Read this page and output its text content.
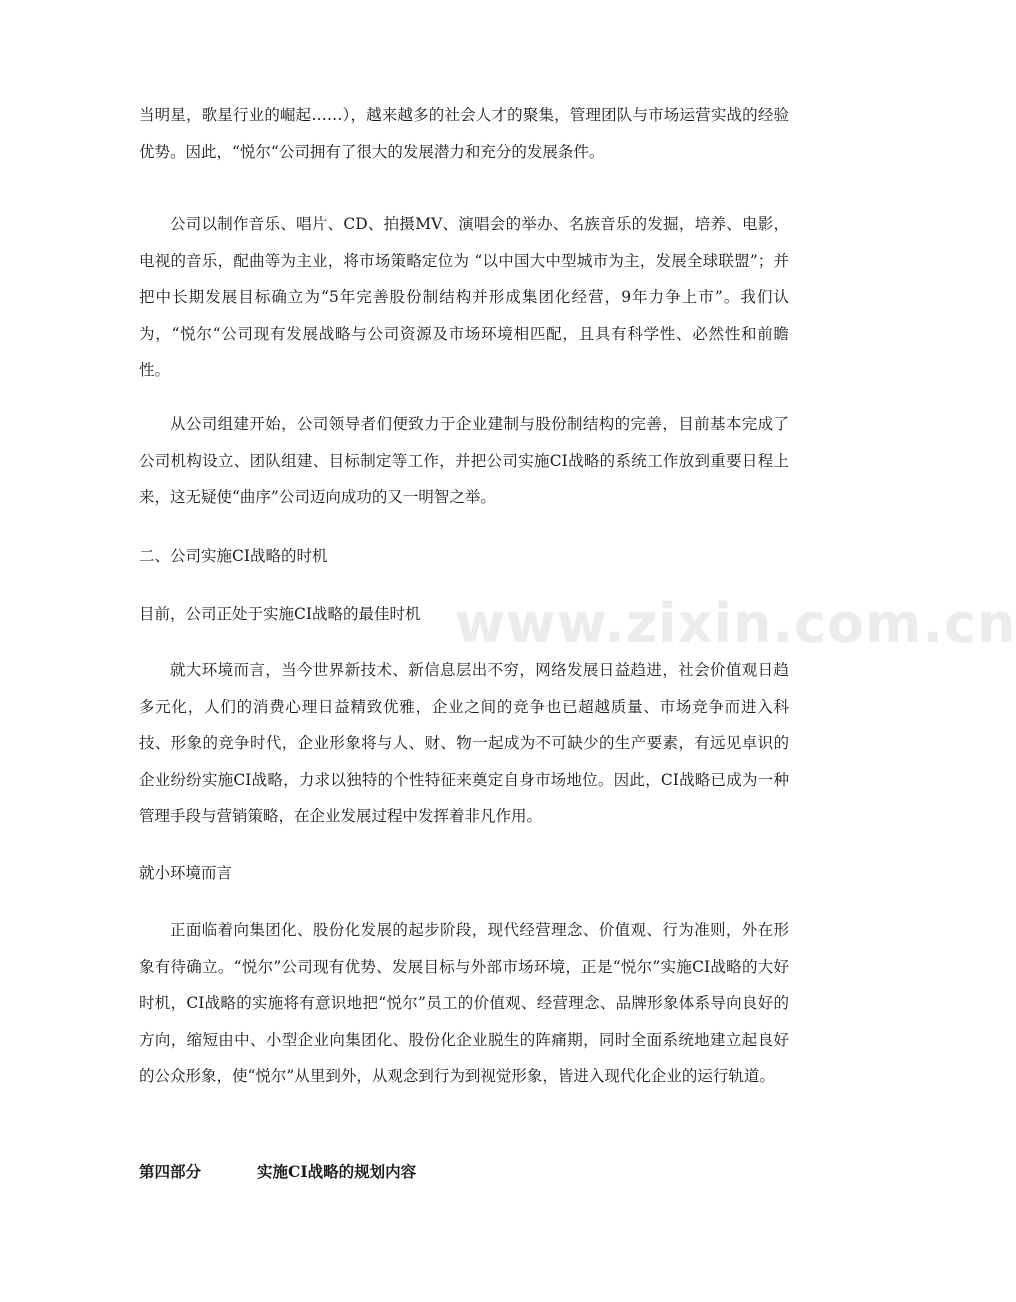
当明星，歌星行业的崛起……），越来越多的社会人才的聚集，管理团队与市场运营实战的经验优势。因此，“悦尔“公司拥有了很大的发展潜力和充分的发展条件。

公司以制作音乐、唱片、CD、拍摄MV、演唱会的举办、名族音乐的发掘，培养、电影，电视的音乐，配曲等为主业，将市场策略定位为 “以中国大中型城市为主，发展全球联盟”；并把中长期发展目标确立为“5年完善股份制结构并形成集团化经营，9年力争上市”。我们认为，“悦尔“公司现有发展战略与公司资源及市场环境相匹配，且具有科学性、必然性和前瞻性。

从公司组建开始，公司领导者们便致力于企业建制与股份制结构的完善，目前基本完成了公司机构设立、团队组建、目标制定等工作，并把公司实施CI战略的系统工作放到重要日程上来，这无疑使“曲序”公司迈向成功的又一明智之举。

二、公司实施CI战略的时机

目前，公司正处于实施CI战略的最佳时机

就大环境而言，当今世界新技术、新信息层出不穷，网络发展日益趋进，社会价值观日趋多元化，人们的消费心理日益精致优雅，企业之间的竞争也已超越质量、市场竞争而进入科技、形象的竞争时代，企业形象将与人、财、物一起成为不可缺少的生产要素，有远见卓识的企业纷纷实施CI战略，力求以独特的个性特征来奠定自身市场地位。因此，CI战略已成为一种管理手段与营销策略，在企业发展过程中发挥着非凡作用。

就小环境而言

正面临着向集团化、股份化发展的起步阶段，现代经营理念、价值观、行为准则，外在形象有待确立。“悦尔”公司现有优势、发展目标与外部市场环境，正是“悦尔”实施CI战略的大好时机，CI战略的实施将有意识地把“悦尔”员工的价值观、经营理念、品牌形象体系导向良好的方向，缩短由中、小型企业向集团化、股份化企业脱生的阵痛期，同时全面系统地建立起良好的公众形象，使“悦尔”从里到外，从观念到行为到视觉形象，皆进入现代化企业的运行轨道。

第四部分	实施CI战略的规划内容
www.zixin.com.cn
